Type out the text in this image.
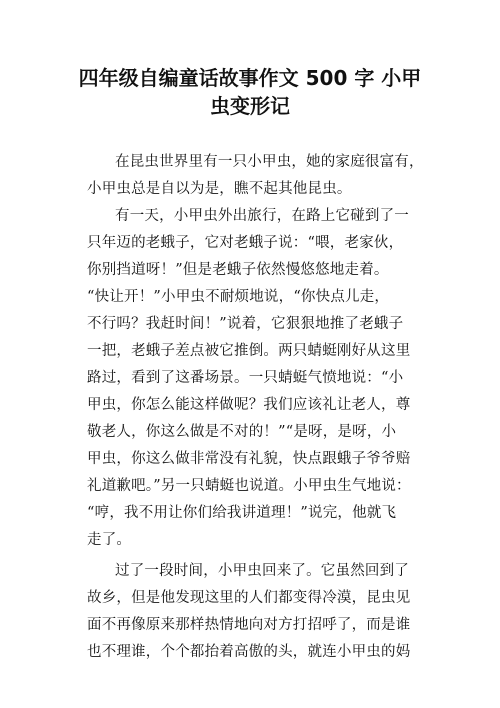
四年级自编童话故事作文 500 字 小甲
虫变形记
在昆虫世界里有一只小甲虫，她的家庭很富有，
小甲虫总是自以为是，瞧不起其他昆虫。
有一天，小甲虫外出旅行，在路上它碰到了一
只年迈的老蛾子，它对老蛾子说：“喂，老家伙，
你别挡道呀！”但是老蛾子依然慢悠悠地走着。
“快让开！”小甲虫不耐烦地说，“你快点儿走，
不行吗？我赶时间！”说着，它狠狠地推了老蛾子
一把，老蛾子差点被它推倒。两只蜻蜓刚好从这里
路过，看到了这番场景。一只蜻蜓气愤地说：“小
甲虫，你怎么能这样做呢？我们应该礼让老人，尊
敬老人，你这么做是不对的！”“是呀，是呀，小
甲虫，你这么做非常没有礼貌，快点跟蛾子爷爷赔
礼道歉吧。”另一只蜻蜓也说道。小甲虫生气地说：
“哼，我不用让你们给我讲道理！”说完，他就飞
走了。
过了一段时间，小甲虫回来了。它虽然回到了
故乡，但是他发现这里的人们都变得冷漠，昆虫见
面不再像原来那样热情地向对方打招呼了，而是谁
也不理谁，个个都抬着高傲的头，就连小甲虫的妈
